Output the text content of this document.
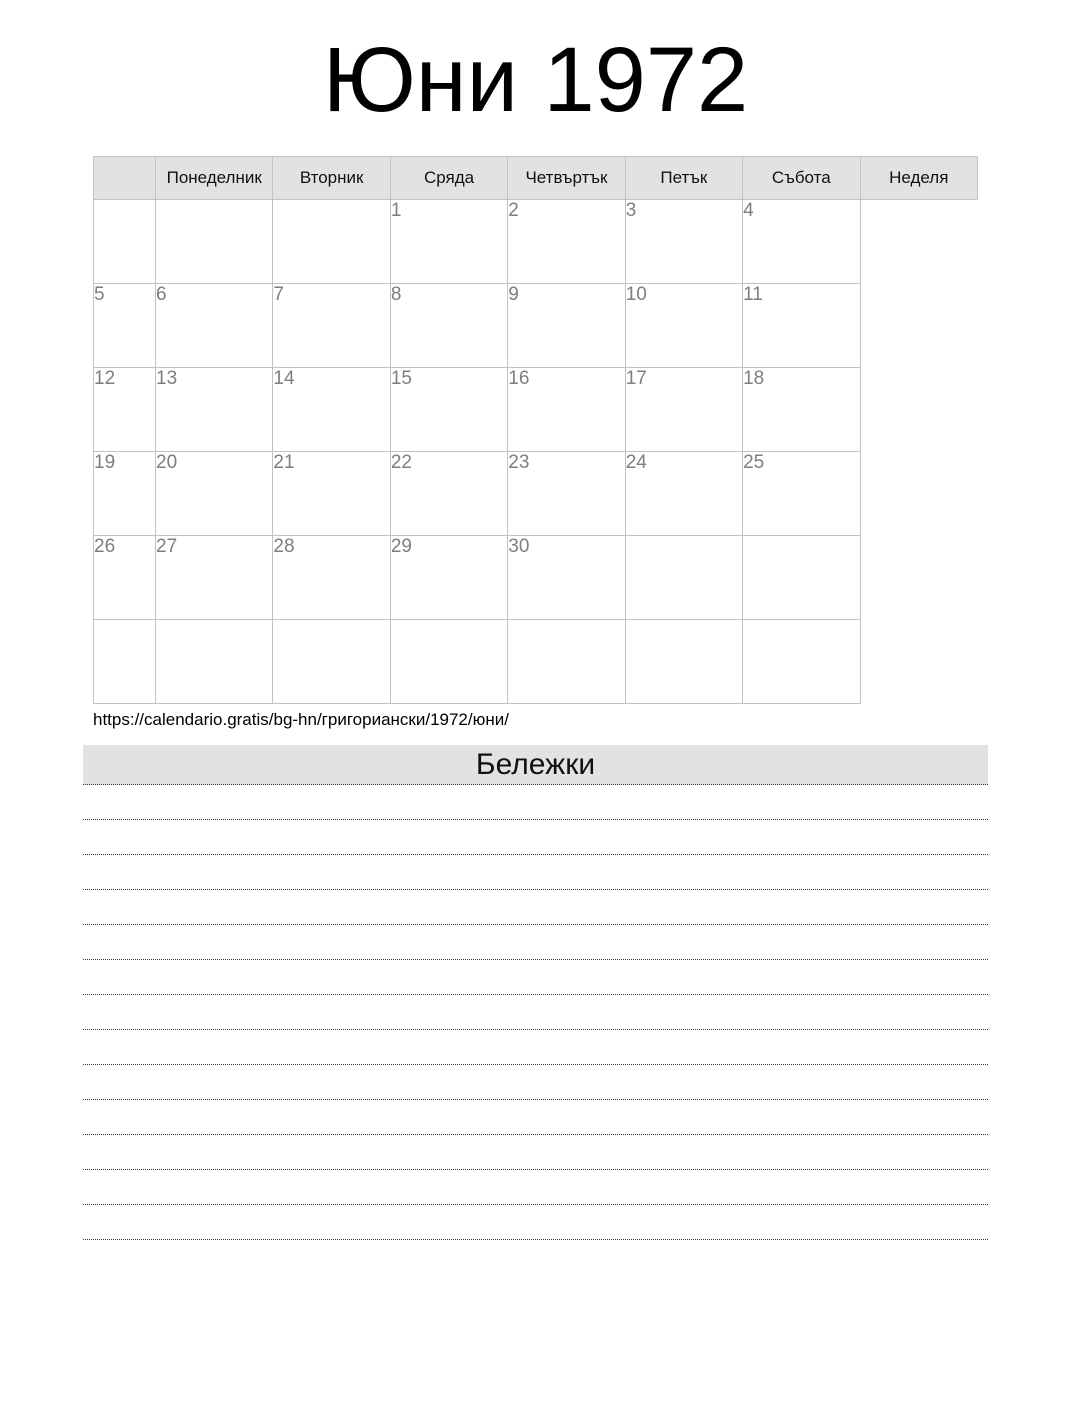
Юни 1972
	Понеделник	Вторник	Сряда	Четвъртък	Петък	Събота	Неделя
			1	2	3	4	
5	6	7	8	9	10	11	
12	13	14	15	16	17	18	
19	20	21	22	23	24	25	
26	27	28	29	30			

https://calendario.gratis/bg-hn/григориански/1972/юни/

Бележки
